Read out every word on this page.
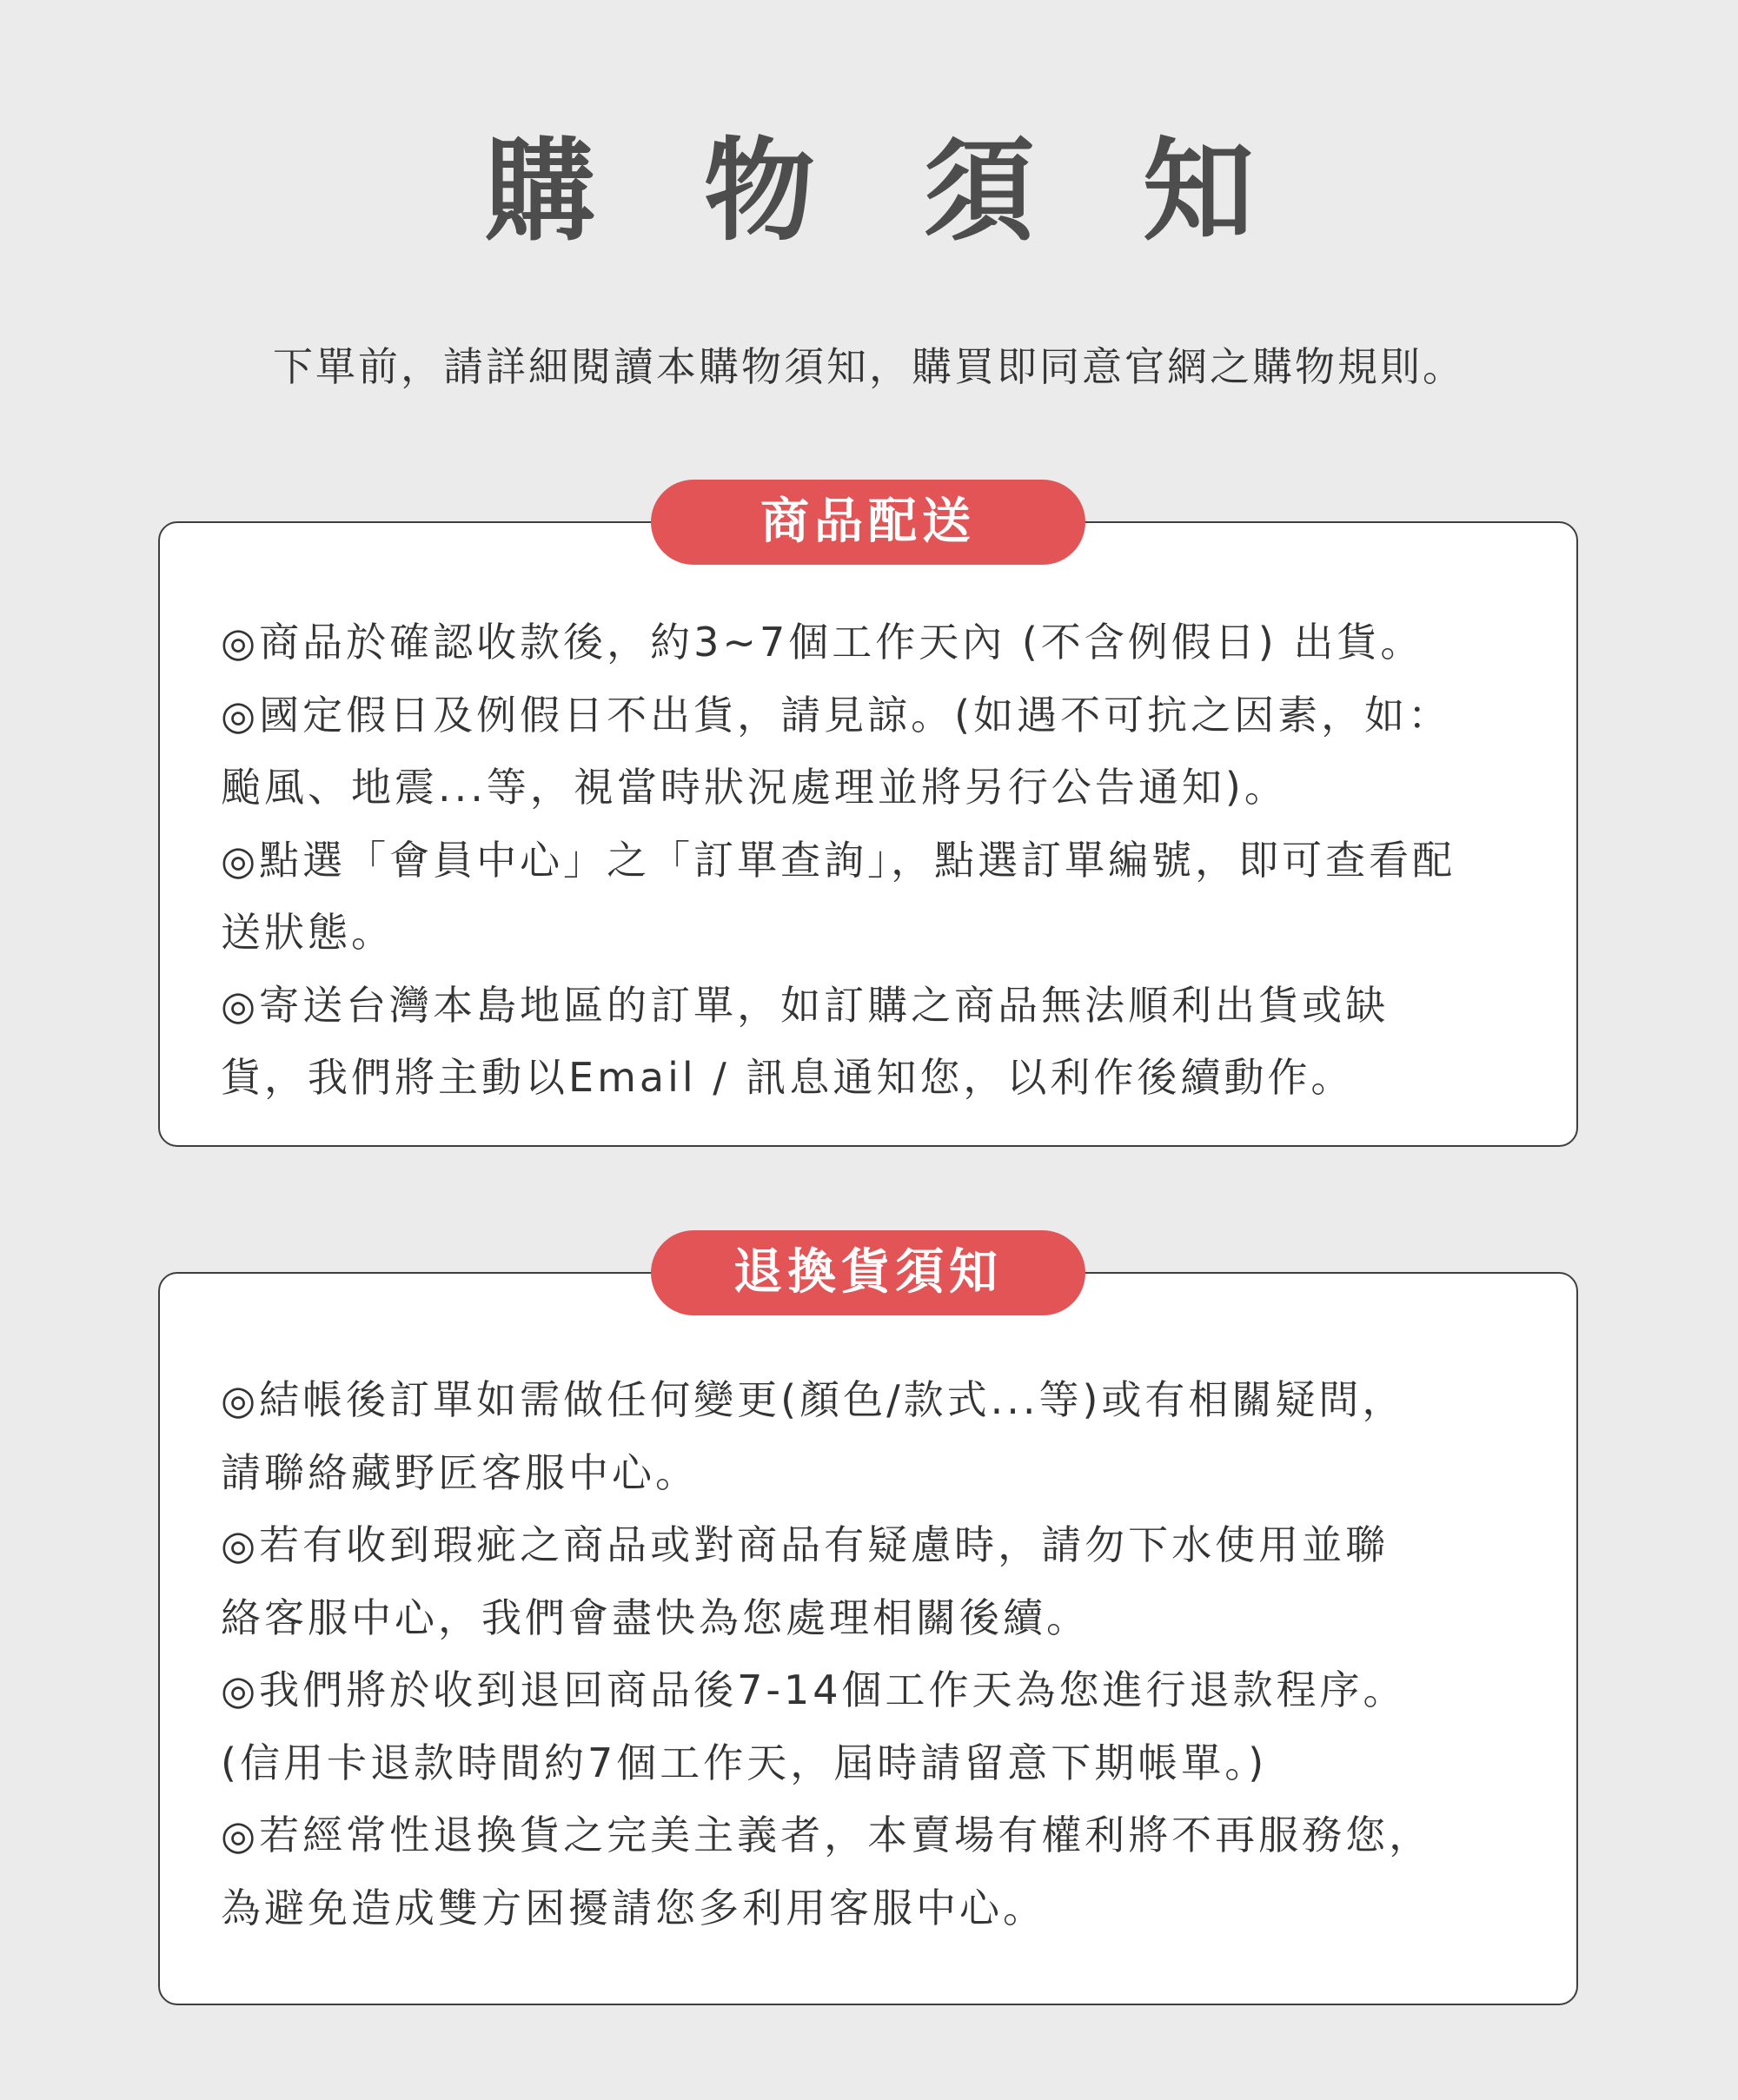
購 物 須 知
下單前，請詳細閱讀本購物須知，購買即同意官網之購物規則。
商品配送
◎商品於確認收款後，約3~7個工作天內 (不含例假日) 出貨。
◎國定假日及例假日不出貨，請見諒。(如遇不可抗之因素，如：
颱風、地震...等，視當時狀況處理並將另行公告通知)。
◎點選「會員中心」之「訂單查詢」，點選訂單編號，即可查看配
送狀態。
◎寄送台灣本島地區的訂單，如訂購之商品無法順利出貨或缺
貨，我們將主動以Email / 訊息通知您，以利作後續動作。
退換貨須知
◎結帳後訂單如需做任何變更(顏色/款式...等)或有相關疑問，
請聯絡藏野匠客服中心。
◎若有收到瑕疵之商品或對商品有疑慮時，請勿下水使用並聯
絡客服中心，我們會盡快為您處理相關後續。
◎我們將於收到退回商品後7-14個工作天為您進行退款程序。
(信用卡退款時間約7個工作天，屆時請留意下期帳單。)
◎若經常性退換貨之完美主義者，本賣場有權利將不再服務您，
為避免造成雙方困擾請您多利用客服中心。
